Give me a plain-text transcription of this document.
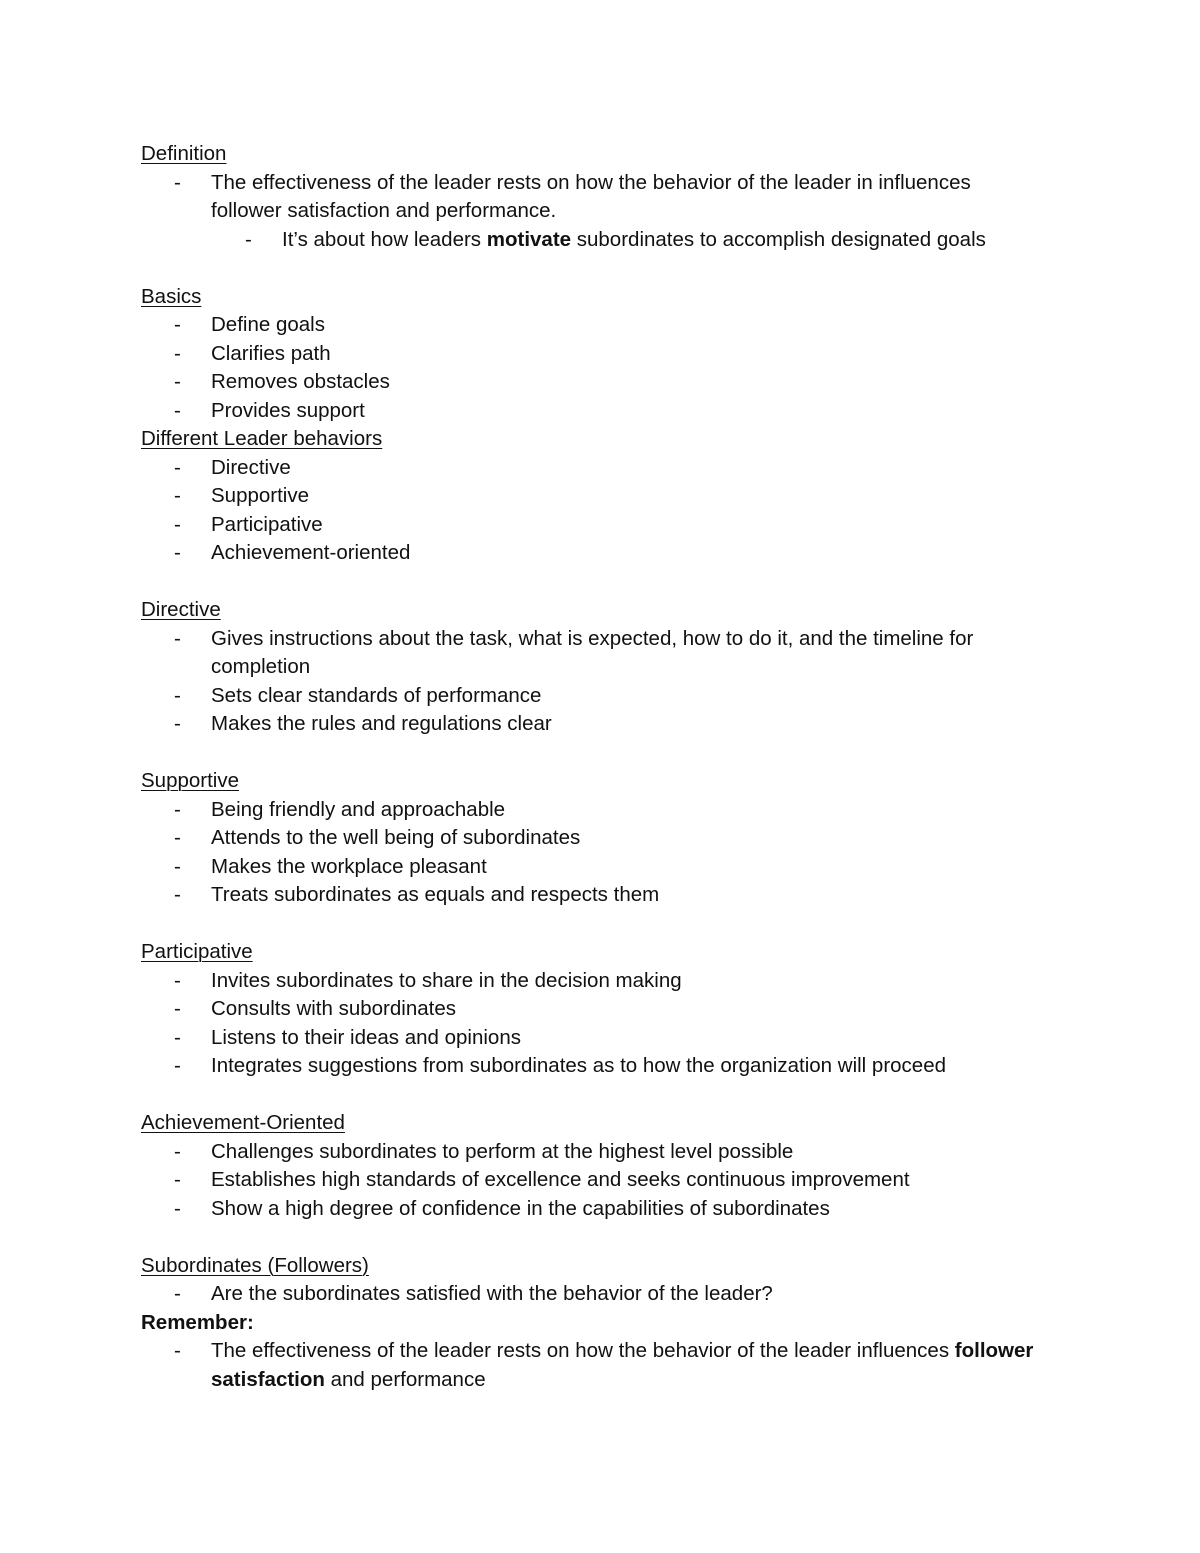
Definition
- The effectiveness of the leader rests on how the behavior of the leader in influences follower satisfaction and performance.
- It’s about how leaders motivate subordinates to accomplish designated goals
Basics
- Define goals
- Clarifies path
- Removes obstacles
- Provides support
Different Leader behaviors
- Directive
- Supportive
- Participative
- Achievement-oriented
Directive
- Gives instructions about the task, what is expected, how to do it, and the timeline for completion
- Sets clear standards of performance
- Makes the rules and regulations clear
Supportive
- Being friendly and approachable
- Attends to the well being of subordinates
- Makes the workplace pleasant
- Treats subordinates as equals and respects them
Participative
- Invites subordinates to share in the decision making
- Consults with subordinates
- Listens to their ideas and opinions
- Integrates suggestions from subordinates as to how the organization will proceed
Achievement-Oriented
- Challenges subordinates to perform at the highest level possible
- Establishes high standards of excellence and seeks continuous improvement
- Show a high degree of confidence in the capabilities of subordinates
Subordinates (Followers)
- Are the subordinates satisfied with the behavior of the leader?
Remember:
- The effectiveness of the leader rests on how the behavior of the leader influences follower satisfaction and performance
